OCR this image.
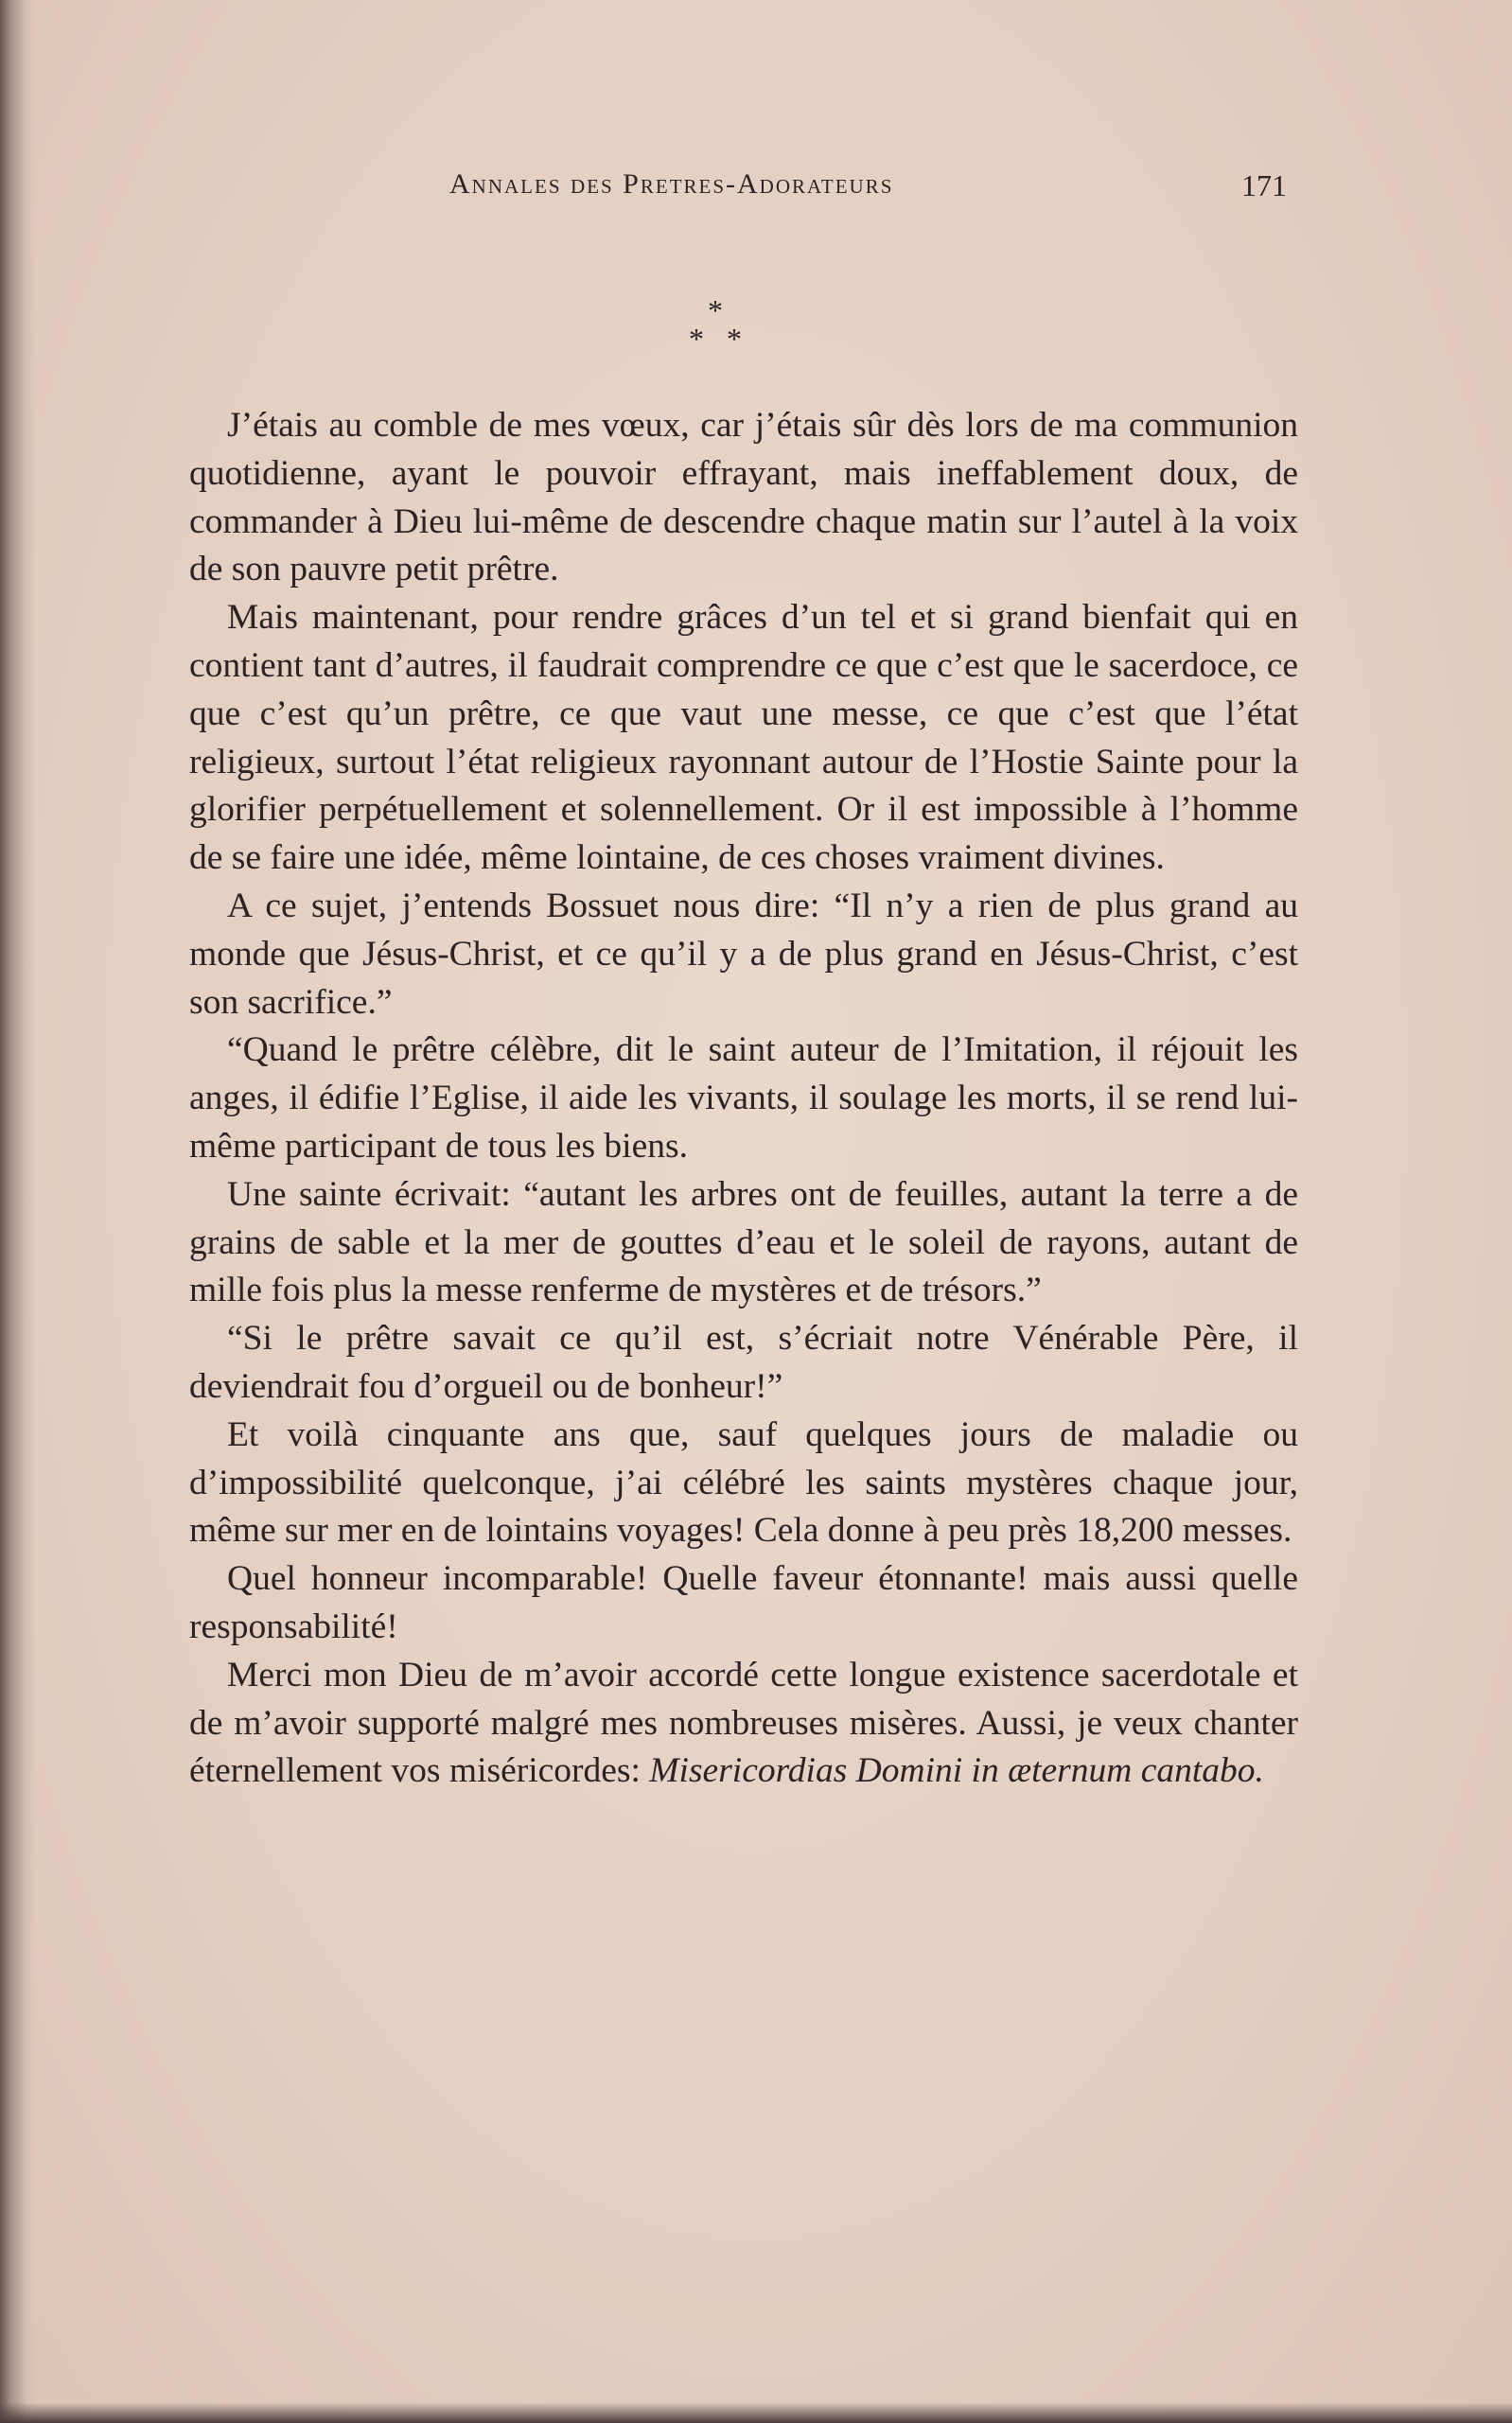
Annales des Pretres-Adorateurs	171
*
* *

J’étais au comble de mes vœux, car j’étais sûr dès lors de ma communion quotidienne, ayant le pouvoir effrayant, mais ineffablement doux, de commander à Dieu lui-même de descendre chaque matin sur l’autel à la voix de son pauvre petit prêtre.

Mais maintenant, pour rendre grâces d’un tel et si grand bienfait qui en contient tant d’autres, il faudrait comprendre ce que c’est que le sacerdoce, ce que c’est qu’un prêtre, ce que vaut une messe, ce que c’est que l’état religieux, surtout l’état religieux rayonnant autour de l’Hostie Sainte pour la glorifier perpétuellement et solennellement. Or il est impossible à l’homme de se faire une idée, même lointaine, de ces choses vraiment divines.

A ce sujet, j’entends Bossuet nous dire: “Il n’y a rien de plus grand au monde que Jésus-Christ, et ce qu’il y a de plus grand en Jésus-Christ, c’est son sacrifice.”

“Quand le prêtre célèbre, dit le saint auteur de l’Imitation, il réjouit les anges, il édifie l’Eglise, il aide les vivants, il soulage les morts, il se rend lui-même participant de tous les biens.

Une sainte écrivait: “autant les arbres ont de feuilles, autant la terre a de grains de sable et la mer de gouttes d’eau et le soleil de rayons, autant de mille fois plus la messe renferme de mystères et de trésors.”

“Si le prêtre savait ce qu’il est, s’écriait notre Vénérable Père, il deviendrait fou d’orgueil ou de bonheur!”

Et voilà cinquante ans que, sauf quelques jours de maladie ou d’impossibilité quelconque, j’ai célébré les saints mystères chaque jour, même sur mer en de lointains voyages! Cela donne à peu près 18,200 messes.

Quel honneur incomparable! Quelle faveur étonnante! mais aussi quelle responsabilité!

Merci mon Dieu de m’avoir accordé cette longue existence sacerdotale et de m’avoir supporté malgré mes nombreuses misères. Aussi, je veux chanter éternellement vos miséricordes: Misericordias Domini in æternum cantabo.
